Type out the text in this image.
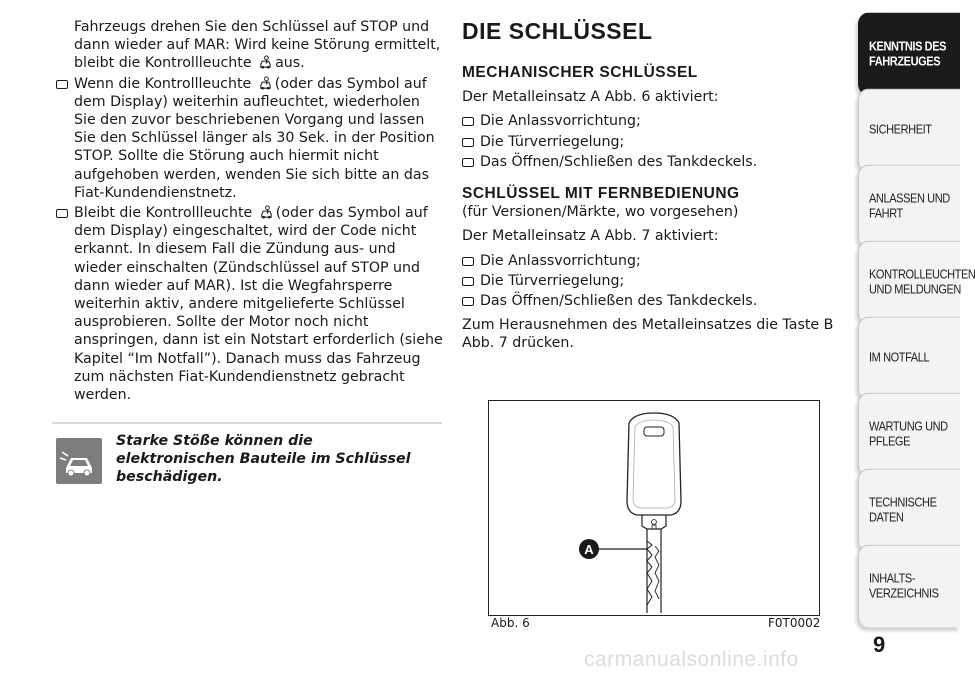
Fahrzeugs drehen Sie den Schlüssel auf STOP und dann wieder auf MAR: Wird keine Störung ermittelt, bleibt die Kontrollleuchte aus.

Wenn die Kontrollleuchte (oder das Symbol auf dem Display) weiterhin aufleuchtet, wiederholen Sie den zuvor beschriebenen Vorgang und lassen Sie den Schlüssel länger als 30 Sek. in der Position STOP. Sollte die Störung auch hiermit nicht aufgehoben werden, wenden Sie sich bitte an das Fiat-Kundendienstnetz.
Bleibt die Kontrollleuchte (oder das Symbol auf dem Display) eingeschaltet, wird der Code nicht erkannt. In diesem Fall die Zündung aus- und wieder einschalten (Zündschlüssel auf STOP und dann wieder auf MAR). Ist die Wegfahrsperre weiterhin aktiv, andere mitgelieferte Schlüssel ausprobieren. Sollte der Motor noch nicht anspringen, dann ist ein Notstart erforderlich (siehe Kapitel “Im Notfall”). Danach muss das Fahrzeug zum nächsten Fiat-Kundendienstnetz gebracht werden.
Starke Stöße können die elektronischen Bauteile im Schlüssel beschädigen.
DIE SCHLÜSSEL
MECHANISCHER SCHLÜSSEL

Der Metalleinsatz A Abb. 6 aktiviert:

Die Anlassvorrichtung;
Die Türverriegelung;
Das Öffnen/Schließen des Tankdeckels.
SCHLÜSSEL MIT FERNBEDIENUNG

(für Versionen/Märkte, wo vorgesehen)

Der Metalleinsatz A Abb. 7 aktiviert:

Die Anlassvorrichtung;
Die Türverriegelung;
Das Öffnen/Schließen des Tankdeckels.

Zum Herausnehmen des Metalleinsatzes die Taste B Abb. 7 drücken.

A
Abb. 6	F0T0002
KENNTNIS DES
FAHRZEUGES
SICHERHEIT
ANLASSEN UND
FAHRT
KONTROLLEUCHTEN
UND MELDUNGEN
IM NOTFALL
WARTUNG UND
PFLEGE
TECHNISCHE DATEN
INHALTS-
VERZEICHNIS
9
carmanualsonline.info
